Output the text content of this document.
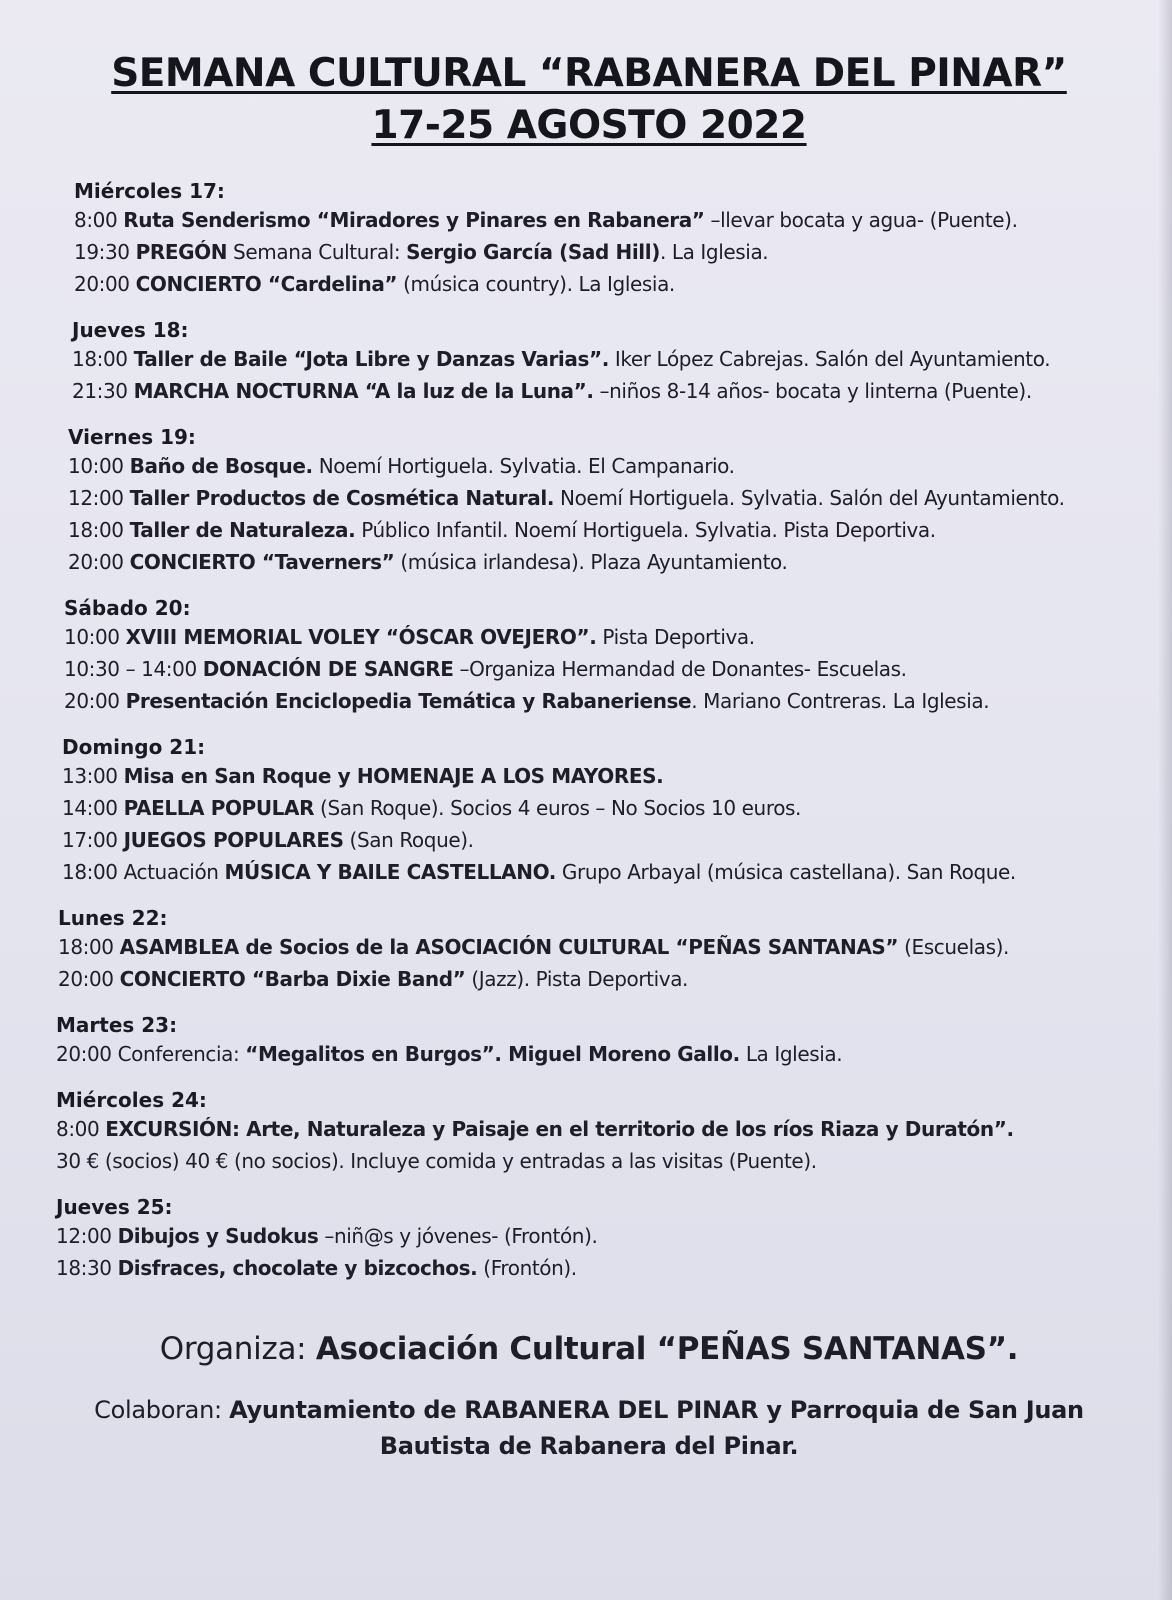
SEMANA CULTURAL “RABANERA DEL PINAR”
17-25 AGOSTO 2022
Miércoles 17:
8:00 Ruta Senderismo “Miradores y Pinares en Rabanera” –llevar bocata y agua- (Puente).
19:30 PREGÓN Semana Cultural: Sergio García (Sad Hill). La Iglesia.
20:00 CONCIERTO “Cardelina” (música country). La Iglesia.
Jueves 18:
18:00 Taller de Baile “Jota Libre y Danzas Varias”. Iker López Cabrejas. Salón del Ayuntamiento.
21:30 MARCHA NOCTURNA “A la luz de la Luna”. –niños 8-14 años- bocata y linterna (Puente).
Viernes 19:
10:00 Baño de Bosque. Noemí Hortiguela. Sylvatia. El Campanario.
12:00 Taller Productos de Cosmética Natural. Noemí Hortiguela. Sylvatia. Salón del Ayuntamiento.
18:00 Taller de Naturaleza. Público Infantil. Noemí Hortiguela. Sylvatia. Pista Deportiva.
20:00 CONCIERTO “Taverners” (música irlandesa). Plaza Ayuntamiento.
Sábado 20:
10:00 XVIII MEMORIAL VOLEY “ÓSCAR OVEJERO”. Pista Deportiva.
10:30 – 14:00 DONACIÓN DE SANGRE –Organiza Hermandad de Donantes- Escuelas.
20:00 Presentación Enciclopedia Temática y Rabaneriense. Mariano Contreras. La Iglesia.
Domingo 21:
13:00 Misa en San Roque y HOMENAJE A LOS MAYORES.
14:00 PAELLA POPULAR (San Roque). Socios 4 euros – No Socios 10 euros.
17:00 JUEGOS POPULARES (San Roque).
18:00 Actuación MÚSICA Y BAILE CASTELLANO. Grupo Arbayal (música castellana). San Roque.
Lunes 22:
18:00 ASAMBLEA de Socios de la ASOCIACIÓN CULTURAL “PEÑAS SANTANAS” (Escuelas).
20:00 CONCIERTO “Barba Dixie Band” (Jazz). Pista Deportiva.
Martes 23:
20:00 Conferencia: “Megalitos en Burgos”. Miguel Moreno Gallo. La Iglesia.
Miércoles 24:
8:00 EXCURSIÓN: Arte, Naturaleza y Paisaje en el territorio de los ríos Riaza y Duratón”.
30 € (socios) 40 € (no socios). Incluye comida y entradas a las visitas (Puente).
Jueves 25:
12:00 Dibujos y Sudokus –niñ@s y jóvenes- (Frontón).
18:30 Disfraces, chocolate y bizcochos. (Frontón).
Organiza: Asociación Cultural “PEÑAS SANTANAS”.
Colaboran: Ayuntamiento de RABANERA DEL PINAR y Parroquia de San Juan
Bautista de Rabanera del Pinar.
